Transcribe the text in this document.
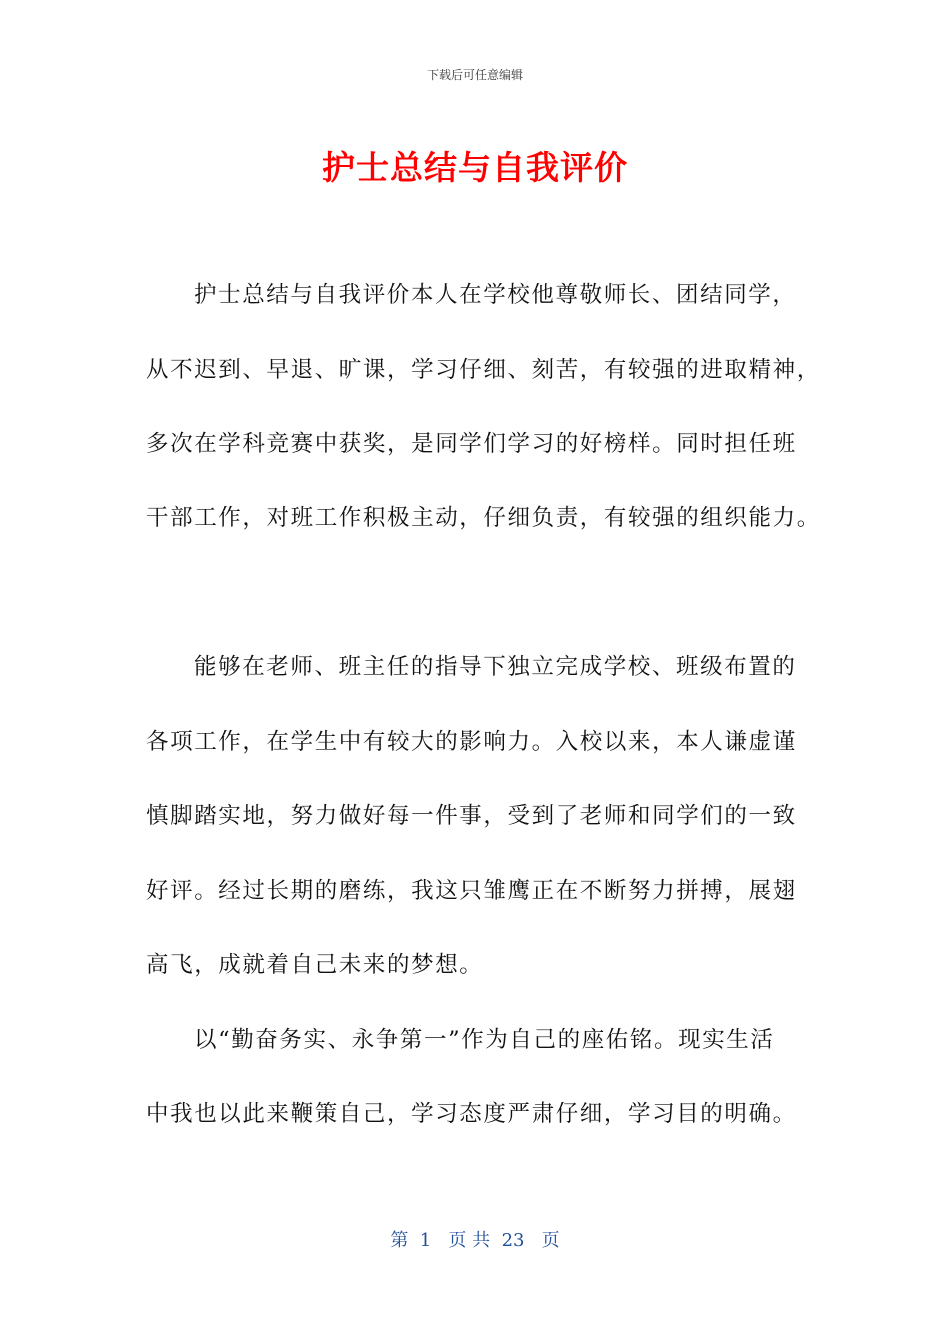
下载后可任意编辑
护士总结与自我评价
护士总结与自我评价本人在学校他尊敬师长、团结同学，
从不迟到、早退、旷课，学习仔细、刻苦，有较强的进取精神，
多次在学科竞赛中获奖，是同学们学习的好榜样。同时担任班
干部工作，对班工作积极主动，仔细负责，有较强的组织能力。
能够在老师、班主任的指导下独立完成学校、班级布置的
各项工作，在学生中有较大的影响力。入校以来，本人谦虚谨
慎脚踏实地，努力做好每一件事，受到了老师和同学们的一致
好评。经过长期的磨练，我这只雏鹰正在不断努力拼搏，展翅
高飞，成就着自己未来的梦想。
以“勤奋务实、永争第一”作为自己的座佑铭。现实生活
中我也以此来鞭策自己，学习态度严肃仔细，学习目的明确。
第  1   页 共  23   页
